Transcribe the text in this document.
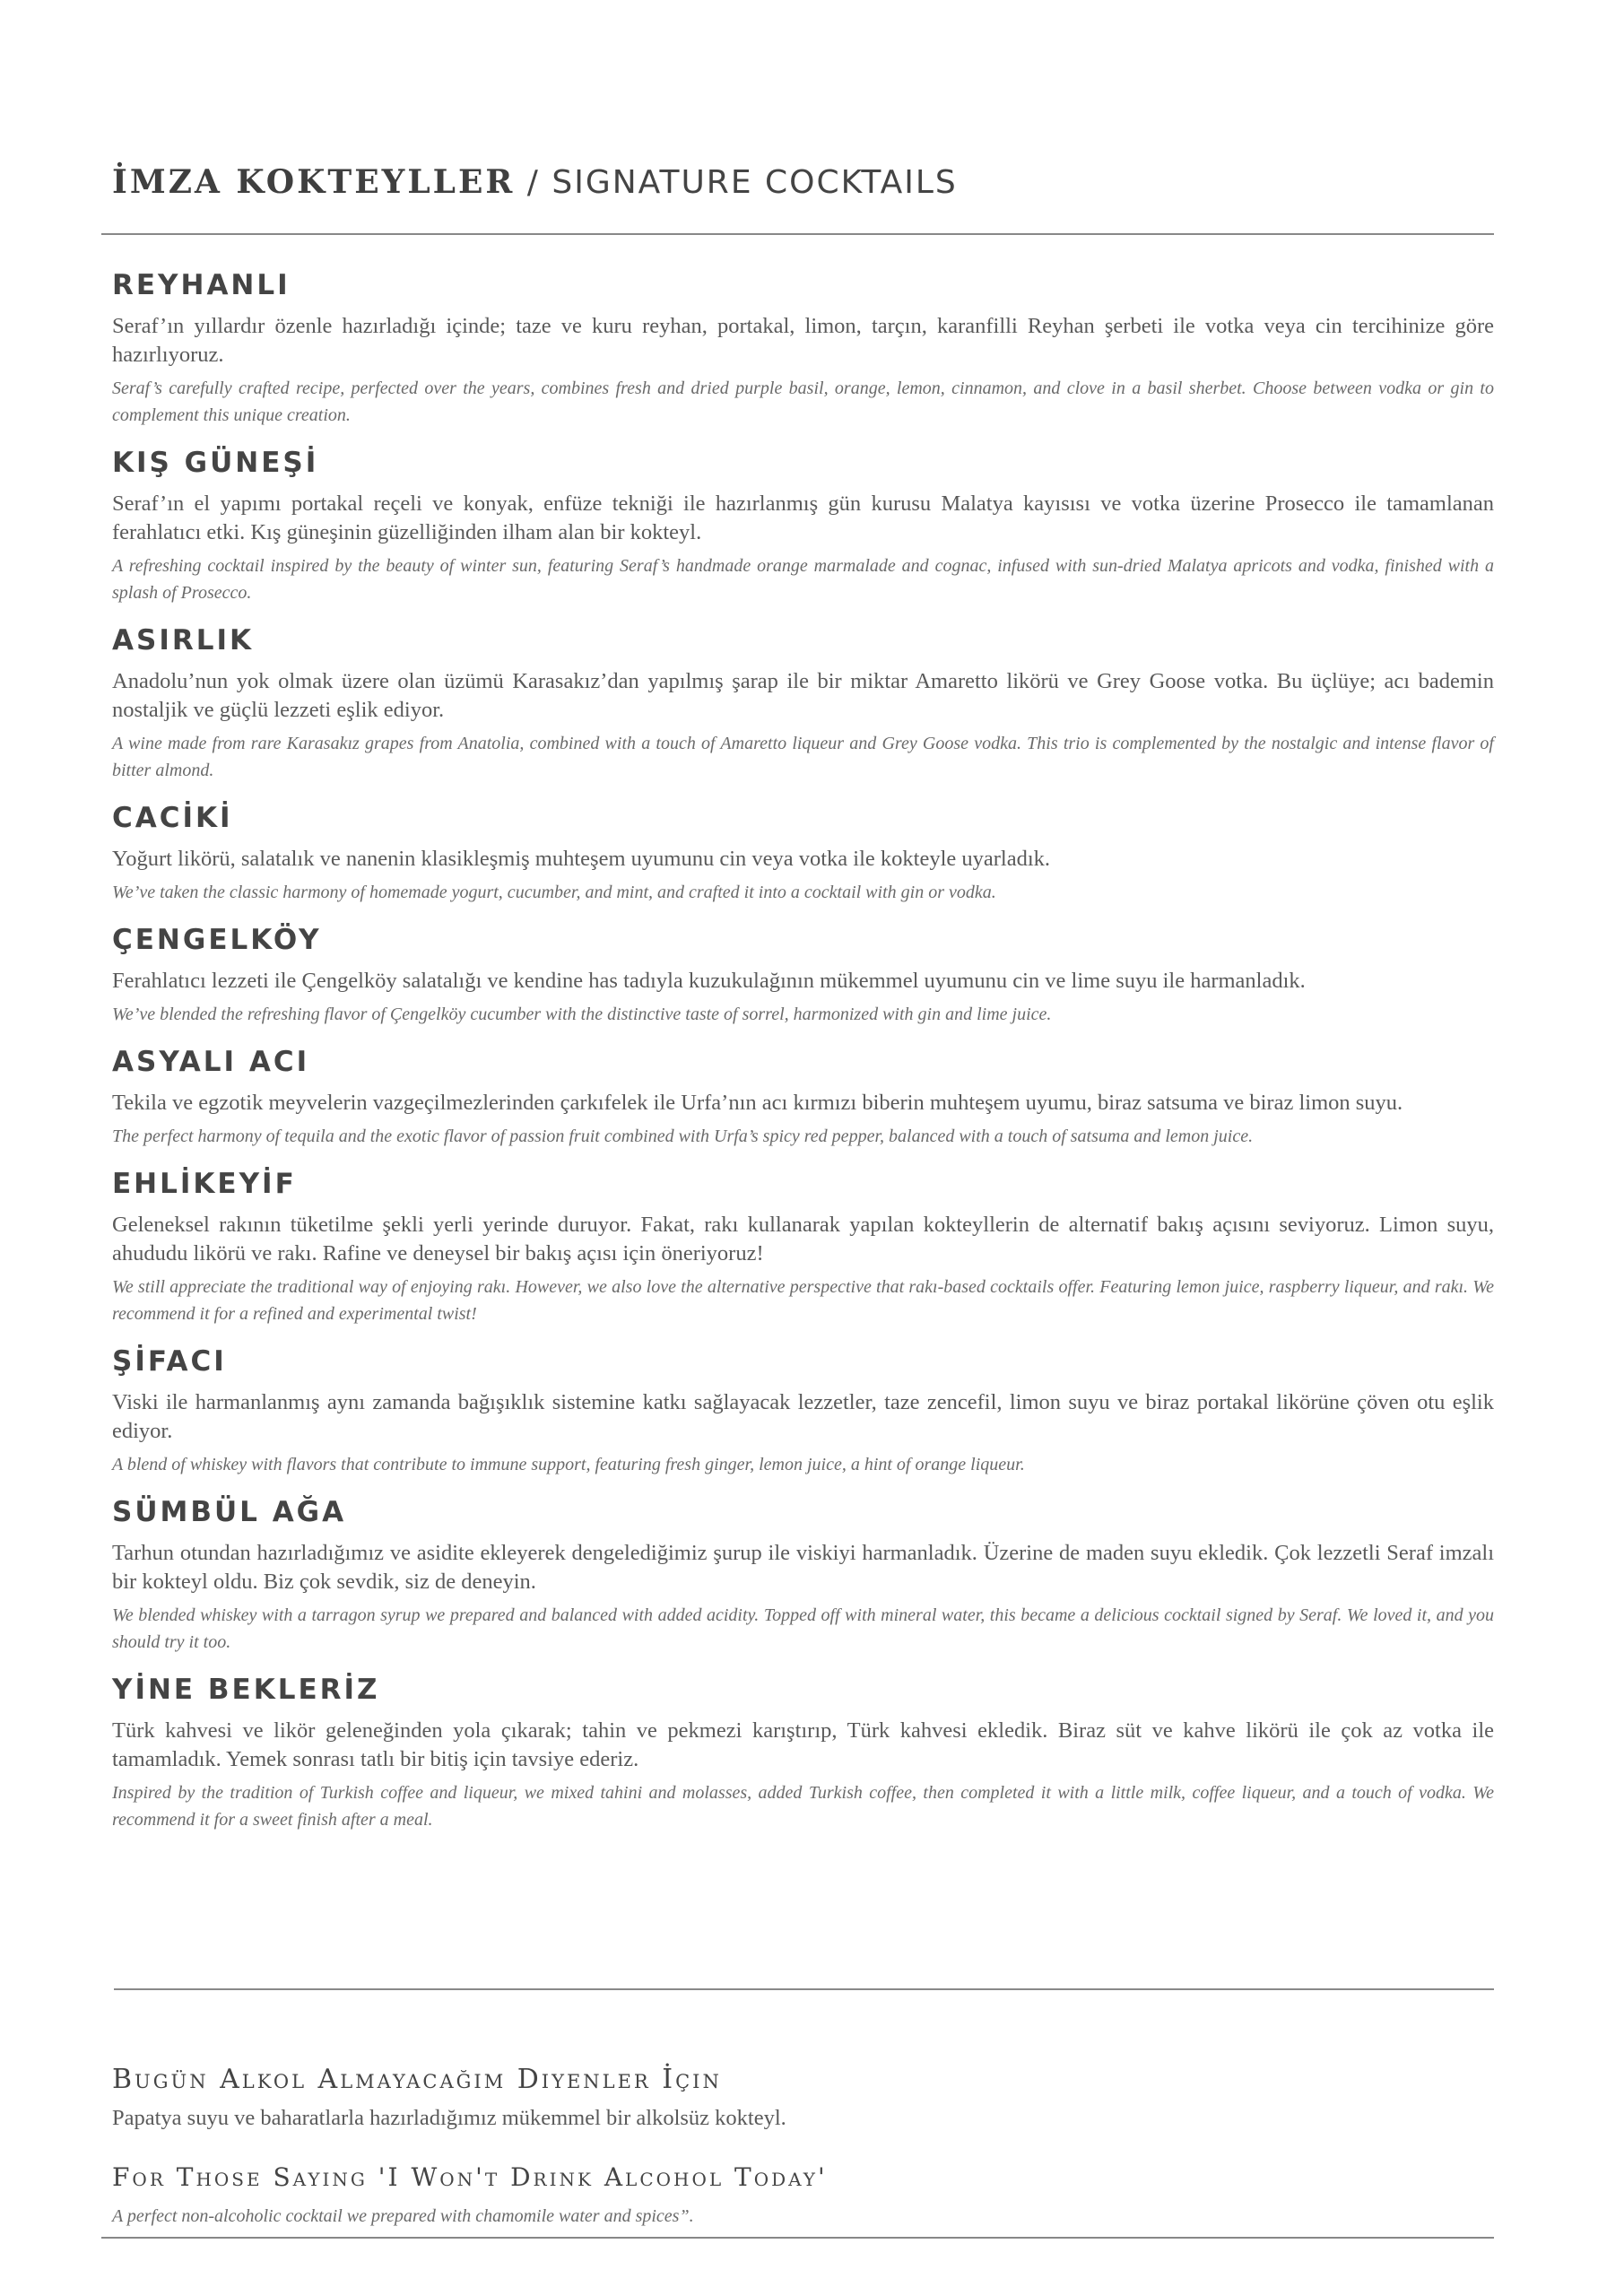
İMZA KOKTEYLLER / SIGNATURE COCKTAILS
REYHANLI

Seraf’ın yıllardır özenle hazırladığı içinde; taze ve kuru reyhan, portakal, limon, tarçın, karanfilli Reyhan şerbeti ile votka veya cin tercihinize göre hazırlıyoruz.

Seraf’s carefully crafted recipe, perfected over the years, combines fresh and dried purple basil, orange, lemon, cinnamon, and clove in a basil sherbet. Choose between vodka or gin to complement this unique creation.

KIŞ GÜNEŞİ

Seraf’ın el yapımı portakal reçeli ve konyak, enfüze tekniği ile hazırlanmış gün kurusu Malatya kayısısı ve votka üzerine Prosecco ile tamamlanan ferahlatıcı etki. Kış güneşinin güzelliğinden ilham alan bir kokteyl.

A refreshing cocktail inspired by the beauty of winter sun, featuring Seraf’s handmade orange marmalade and cognac, infused with sun-dried Malatya apricots and vodka, finished with a splash of Prosecco.

ASIRLIK

Anadolu’nun yok olmak üzere olan üzümü Karasakız’dan yapılmış şarap ile bir miktar Amaretto likörü ve Grey Goose votka. Bu üçlüye; acı bademin nostaljik ve güçlü lezzeti eşlik ediyor.

A wine made from rare Karasakız grapes from Anatolia, combined with a touch of Amaretto liqueur and Grey Goose vodka. This trio is complemented by the nostalgic and intense flavor of bitter almond.

CACİKİ

Yoğurt likörü, salatalık ve nanenin klasikleşmiş muhteşem uyumunu cin veya votka ile kokteyle uyarladık.

We’ve taken the classic harmony of homemade yogurt, cucumber, and mint, and crafted it into a cocktail with gin or vodka.

ÇENGELKÖY

Ferahlatıcı lezzeti ile Çengelköy salatalığı ve kendine has tadıyla kuzukulağının mükemmel uyumunu cin ve lime suyu ile harmanladık.

We’ve blended the refreshing flavor of Çengelköy cucumber with the distinctive taste of sorrel, harmonized with gin and lime juice.

ASYALI ACI

Tekila ve egzotik meyvelerin vazgeçilmezlerinden çarkıfelek ile Urfa’nın acı kırmızı biberin muhteşem uyumu, biraz satsuma ve biraz limon suyu.

The perfect harmony of tequila and the exotic flavor of passion fruit combined with Urfa’s spicy red pepper, balanced with a touch of satsuma and lemon juice.

EHLİKEYİF

Geleneksel rakının tüketilme şekli yerli yerinde duruyor. Fakat, rakı kullanarak yapılan kokteyllerin de alternatif bakış açısını seviyoruz. Limon suyu, ahududu likörü ve rakı. Rafine ve deneysel bir bakış açısı için öneriyoruz!

We still appreciate the traditional way of enjoying rakı. However, we also love the alternative perspective that rakı-based cocktails offer. Featuring lemon juice, raspberry liqueur, and rakı. We recommend it for a refined and experimental twist!

ŞİFACI

Viski ile harmanlanmış aynı zamanda bağışıklık sistemine katkı sağlayacak lezzetler, taze zencefil, limon suyu ve biraz portakal likörüne çöven otu eşlik ediyor.

A blend of whiskey with flavors that contribute to immune support, featuring fresh ginger, lemon juice, a hint of orange liqueur.

SÜMBÜL AĞA

Tarhun otundan hazırladığımız ve asidite ekleyerek dengelediğimiz şurup ile viskiyi harmanladık. Üzerine de maden suyu ekledik. Çok lezzetli Seraf imzalı bir kokteyl oldu. Biz çok sevdik, siz de deneyin.

We blended whiskey with a tarragon syrup we prepared and balanced with added acidity. Topped off with mineral water, this became a delicious cocktail signed by Seraf. We loved it, and you should try it too.

YİNE BEKLERİZ

Türk kahvesi ve likör geleneğinden yola çıkarak; tahin ve pekmezi karıştırıp, Türk kahvesi ekledik. Biraz süt ve kahve likörü ile çok az votka ile tamamladık. Yemek sonrası tatlı bir bitiş için tavsiye ederiz.

Inspired by the tradition of Turkish coffee and liqueur, we mixed tahini and molasses, added Turkish coffee, then completed it with a little milk, coffee liqueur, and a touch of vodka. We recommend it for a sweet finish after a meal.

Bugün Alkol Almayacağım Diyenler İçin

Papatya suyu ve baharatlarla hazırladığımız mükemmel bir alkolsüz kokteyl.

For Those Saying 'I Won't Drink Alcohol Today'

A perfect non-alcoholic cocktail we prepared with chamomile water and spices”.
